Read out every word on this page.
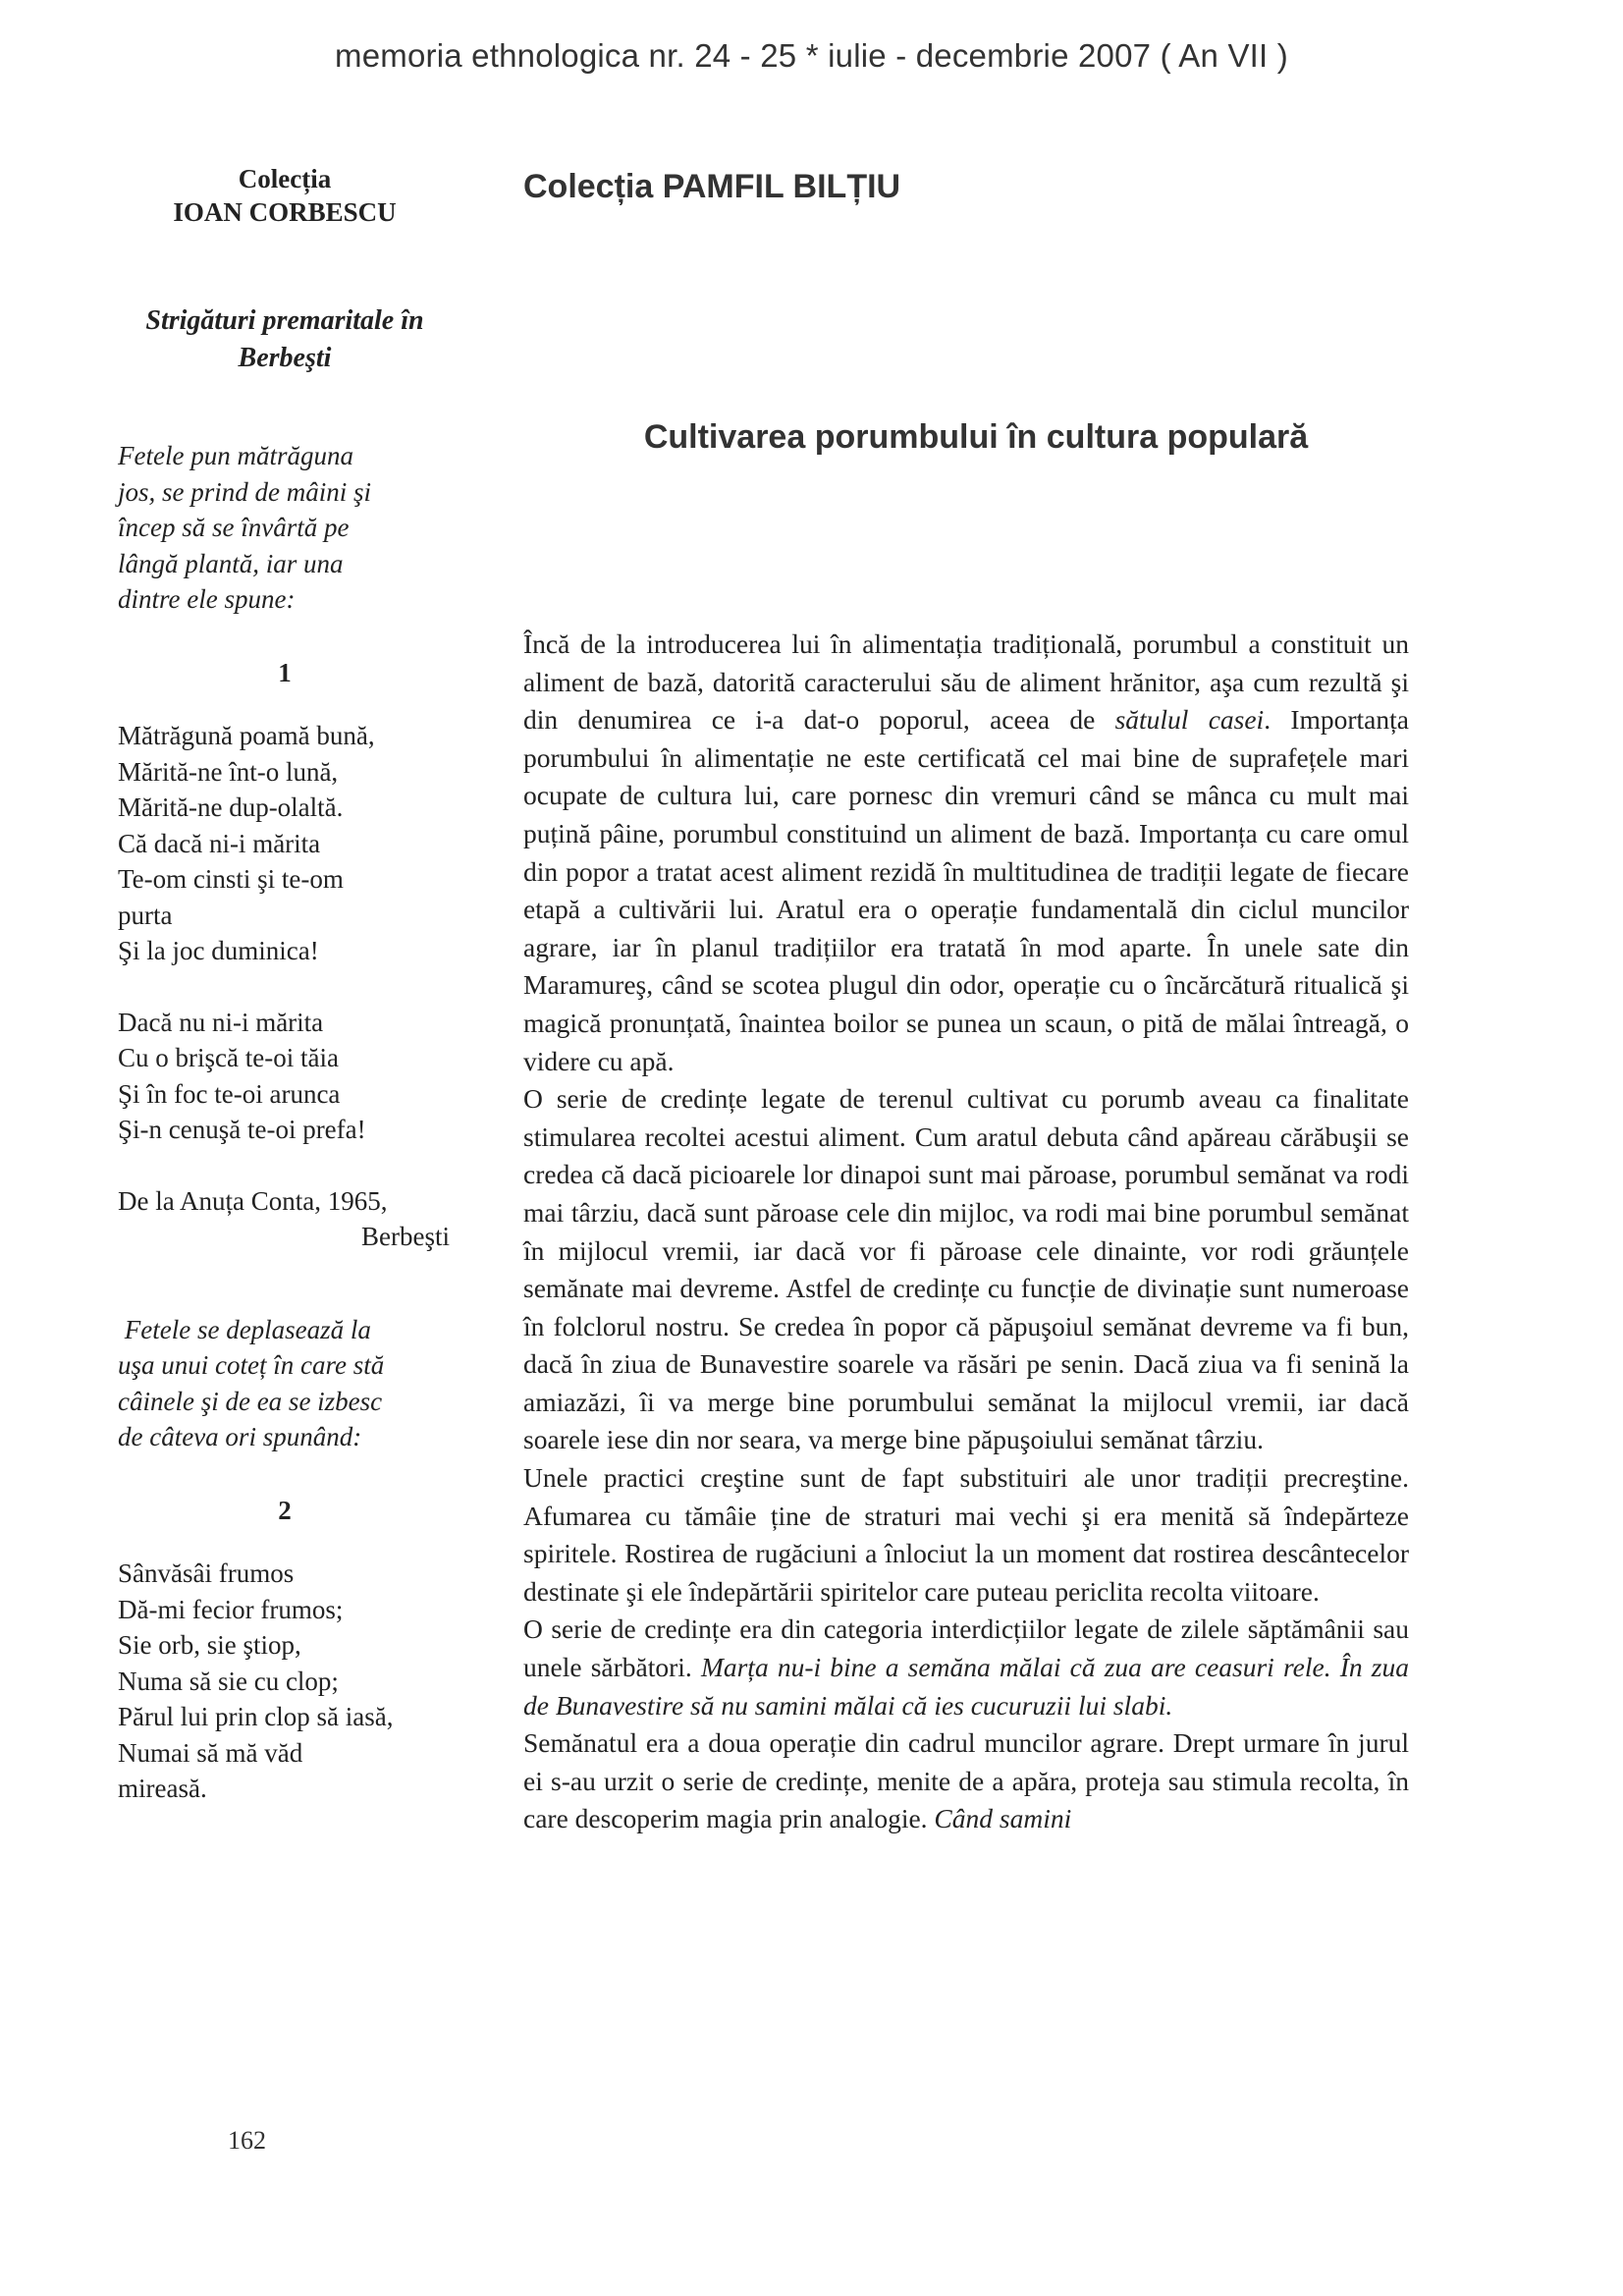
memoria ethnologica nr. 24 - 25 * iulie - decembrie 2007 ( An VII )
Colecția
IOAN CORBESCU
Strigături premaritale în
Berbeşti
Fetele pun mătrăguna
jos, se prind de mâini şi
încep să se învârtă pe
lângă plantă, iar una
dintre ele spune:
1
Mătrăgună poamă bună,
Mărită-ne înt-o lună,
Mărită-ne dup-olaltă.
Că dacă ni-i mărita
Te-om cinsti şi te-om
purta
Şi la joc duminica!
Dacă nu ni-i mărita
Cu o brişcă te-oi tăia
Şi în foc te-oi arunca
Şi-n cenuşă te-oi prefa!
De la Anuța Conta, 1965,
Berbeşti
Fetele se deplasează la
uşa unui coteț în care stă
câinele şi de ea se izbesc
de câteva ori spunând:
2
Sânvăsâi frumos
Dă-mi fecior frumos;
Sie orb, sie ştiop,
Numa să sie cu clop;
Părul lui prin clop să iasă,
Numai să mă văd
mireasă.
Colecția PAMFIL BILȚIU
Cultivarea porumbului în cultura populară

Încă de la introducerea lui în alimentația tradițională, porumbul a constituit un aliment de bază, datorită caracterului său de aliment hrănitor, aşa cum rezultă şi din denumirea ce i-a dat-o poporul, aceea de sătulul casei. Importanța porumbului în alimentație ne este certificată cel mai bine de suprafețele mari ocupate de cultura lui, care pornesc din vremuri când se mânca cu mult mai puțină pâine, porumbul constituind un aliment de bază. Importanța cu care omul din popor a tratat acest aliment rezidă în multitudinea de tradiții legate de fiecare etapă a cultivării lui. Aratul era o operație fundamentală din ciclul muncilor agrare, iar în planul tradițiilor era tratată în mod aparte. În unele sate din Maramureş, când se scotea plugul din odor, operație cu o încărcătură ritualică şi magică pronunțată, înaintea boilor se punea un scaun, o pită de mălai întreagă, o videre cu apă.

O serie de credințe legate de terenul cultivat cu porumb aveau ca finalitate stimularea recoltei acestui aliment. Cum aratul debuta când apăreau cărăbuşii se credea că dacă picioarele lor dinapoi sunt mai păroase, porumbul semănat va rodi mai târziu, dacă sunt păroase cele din mijloc, va rodi mai bine porumbul semănat în mijlocul vremii, iar dacă vor fi păroase cele dinainte, vor rodi grăunțele semănate mai devreme. Astfel de credințe cu funcție de divinație sunt numeroase în folclorul nostru. Se credea în popor că păpuşoiul semănat devreme va fi bun, dacă în ziua de Bunavestire soarele va răsări pe senin. Dacă ziua va fi senină la amiazăzi, îi va merge bine porumbului semănat la mijlocul vremii, iar dacă soarele iese din nor seara, va merge bine păpuşoiului semănat târziu.

Unele practici creştine sunt de fapt substituiri ale unor tradiții precreştine. Afumarea cu tămâie ține de straturi mai vechi şi era menită să îndepărteze spiritele. Rostirea de rugăciuni a înlociut la un moment dat rostirea descântecelor destinate şi ele îndepărtării spiritelor care puteau periclita recolta viitoare.

O serie de credințe era din categoria interdicțiilor legate de zilele săptămânii sau unele sărbători. Marța nu-i bine a semăna mălai că zua are ceasuri rele. În zua de Bunavestire să nu samini mălai că ies cucuruzii lui slabi.

Semănatul era a doua operație din cadrul muncilor agrare. Drept urmare în jurul ei s-au urzit o serie de credințe, menite de a apăra, proteja sau stimula recolta, în care descoperim magia prin analogie. Când samini

162
